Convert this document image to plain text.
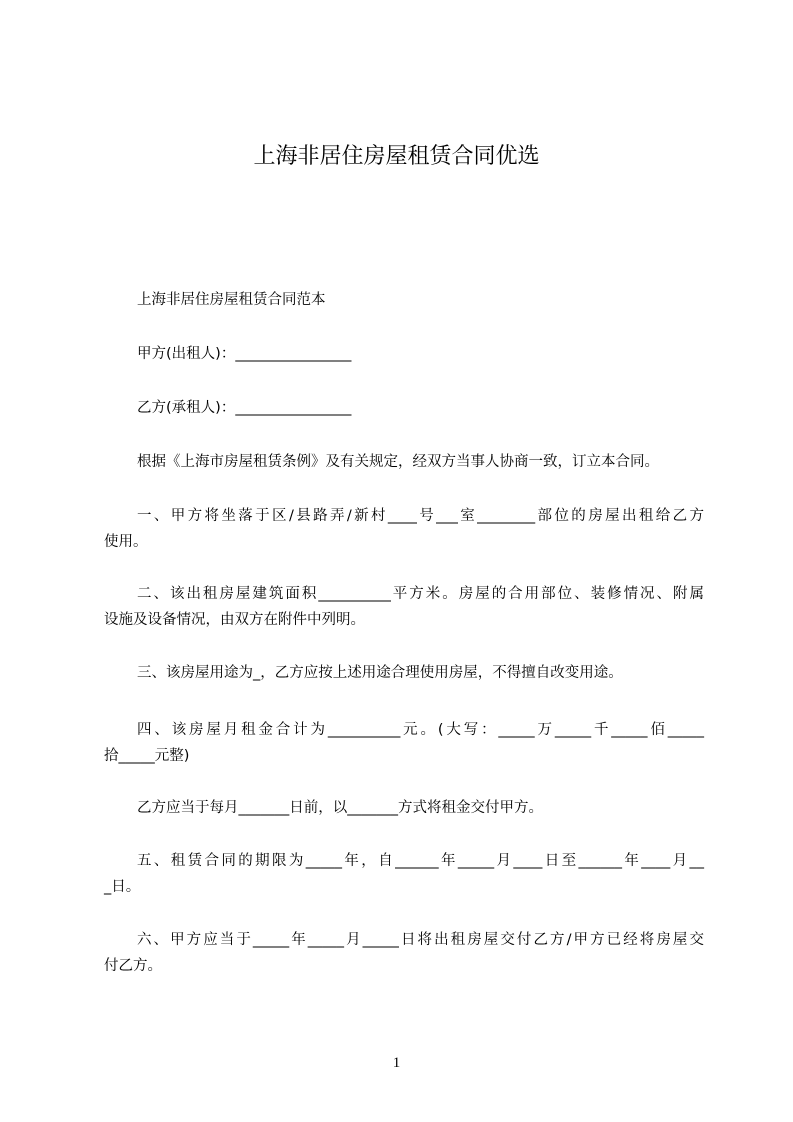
上海非居住房屋租赁合同优选
上海非居住房屋租赁合同范本
甲方(出租人)：________________
乙方(承租人)：________________
根据《上海市房屋租赁条例》及有关规定，经双方当事人协商一致，订立本合同。
一、甲方将坐落于区/县路弄/新村____号___室________部位的房屋出租给乙方
使用。
二、该出租房屋建筑面积__________平方米。房屋的合用部位、装修情况、附属
设施及设备情况，由双方在附件中列明。
三、该房屋用途为_，乙方应按上述用途合理使用房屋，不得擅自改变用途。
四、该房屋月租金合计为__________元。(大写：_____万_____千_____佰_____
拾_____元整)
乙方应当于每月_______日前，以_______方式将租金交付甲方。
五、租赁合同的期限为_____年，自______年_____月____日至______年____月__
_日。
六、甲方应当于_____年_____月_____日将出租房屋交付乙方/甲方已经将房屋交
付乙方。
1
